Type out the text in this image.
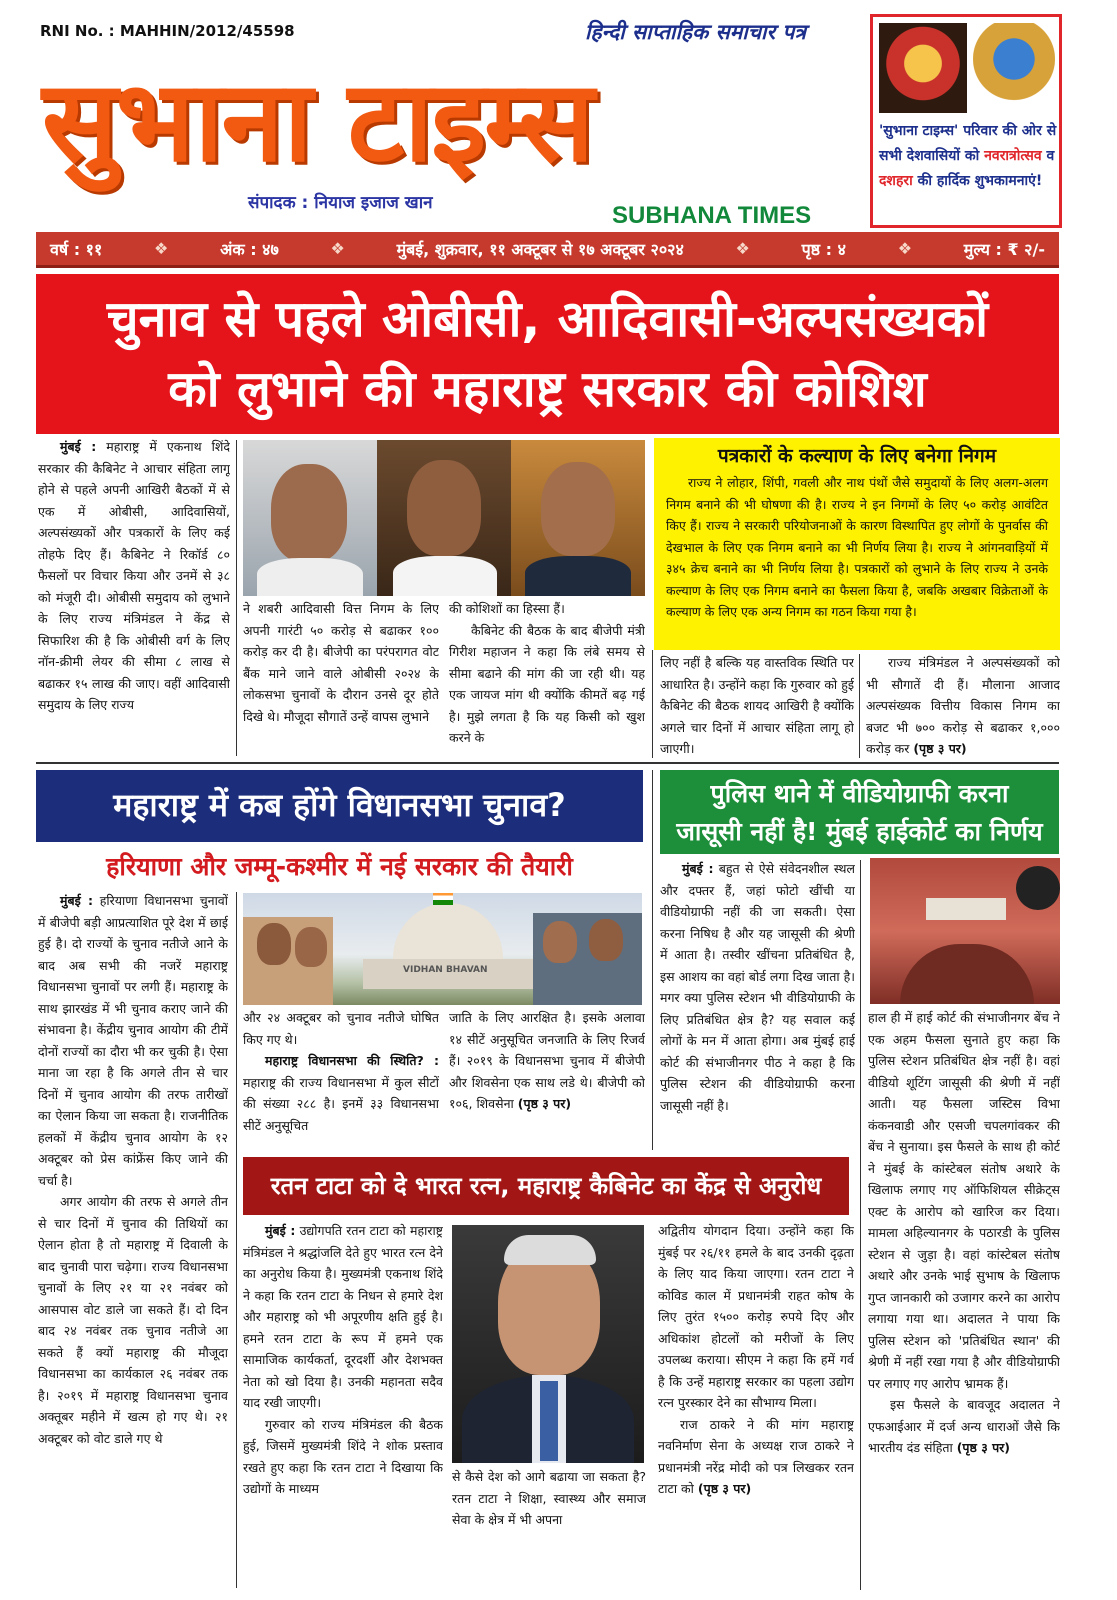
RNI No. : MAHHIN/2012/45598	हिन्दी साप्ताहिक समाचार पत्र
सुभाना टाइम्स
संपादक : नियाज इजाज खान	SUBHANA TIMES
'सुभाना टाइम्स' परिवार की ओर से सभी देशवासियों को नवरात्रोत्सव व दशहरा की हार्दिक शुभकामनाएं!
वर्ष : ११	❖	अंक : ४७	❖	मुंबई, शुक्रवार, ११ अक्टूबर से १७ अक्टूबर २०२४	❖	पृष्ठ : ४	❖	मुल्य : ₹ २/-
चुनाव से पहले ओबीसी, आदिवासी-अल्पसंख्यकों
को लुभाने की महाराष्ट्र सरकार की कोशिश

मुंबई : महाराष्ट्र में एकनाथ शिंदे सरकार की कैबिनेट ने आचार संहिता लागू होने से पहले अपनी आखिरी बैठकों में से एक में ओबीसी, आदिवासियों, अल्पसंख्यकों और पत्रकारों के लिए कई तोहफे दिए हैं। कैबिनेट ने रिकॉर्ड ८० फैसलों पर विचार किया और उनमें से ३८ को मंजूरी दी। ओबीसी समुदाय को लुभाने के लिए राज्य मंत्रिमंडल ने केंद्र से सिफारिश की है कि ओबीसी वर्ग के लिए नॉन-क्रीमी लेयर की सीमा ८ लाख से बढाकर १५ लाख की जाए। वहीं आदिवासी समुदाय के लिए राज्य

ने शबरी आदिवासी वित्त निगम के लिए अपनी गारंटी ५० करोड़ से बढाकर १०० करोड़ कर दी है। बीजेपी का परंपरागत वोट बैंक माने जाने वाले ओबीसी २०२४ के लोकसभा चुनावों के दौरान उनसे दूर होते दिखे थे। मौजूदा सौगातें उन्हें वापस लुभाने
की कोशिशों का हिस्सा हैं।

कैबिनेट की बैठक के बाद बीजेपी मंत्री गिरीश महाजन ने कहा कि लंबे समय से सीमा बढाने की मांग की जा रही थी। यह एक जायज मांग थी क्योंकि कीमतें बढ़ गई है। मुझे लगता है कि यह किसी को खुश करने के

पत्रकारों के कल्याण के लिए बनेगा निगम

राज्य ने लोहार, शिंपी, गवली और नाथ पंथों जैसे समुदायों के लिए अलग-अलग निगम बनाने की भी घोषणा की है। राज्य ने इन निगमों के लिए ५० करोड़ आवंटित किए हैं। राज्य ने सरकारी परियोजनाओं के कारण विस्थापित हुए लोगों के पुनर्वास की देखभाल के लिए एक निगम बनाने का भी निर्णय लिया है। राज्य ने आंगनवाड़ियों में ३४५ क्रेच बनाने का भी निर्णय लिया है। पत्रकारों को लुभाने के लिए राज्य ने उनके कल्याण के लिए एक निगम बनाने का फैसला किया है, जबकि अखबार विक्रेताओं के कल्याण के लिए एक अन्य निगम का गठन किया गया है।

लिए नहीं है बल्कि यह वास्तविक स्थिति पर आधारित है। उन्होंने कहा कि गुरुवार को हुई कैबिनेट की बैठक शायद आखिरी है क्योंकि अगले चार दिनों में आचार संहिता लागू हो जाएगी।

राज्य मंत्रिमंडल ने अल्पसंख्यकों को भी सौगातें दी हैं। मौलाना आजाद अल्पसंख्यक वित्तीय विकास निगम का बजट भी ७०० करोड़ से बढाकर १,००० करोड़ कर (पृष्ठ ३ पर)

महाराष्ट्र में कब होंगे विधानसभा चुनाव?
हरियाणा और जम्मू-कश्मीर में नई सरकार की तैयारी

मुंबई : हरियाणा विधानसभा चुनावों में बीजेपी बड़ी आप्रत्याशित पूरे देश में छाई हुई है। दो राज्यों के चुनाव नतीजे आने के बाद अब सभी की नजरें महाराष्ट्र विधानसभा चुनावों पर लगी हैं। महाराष्ट्र के साथ झारखंड में भी चुनाव कराए जाने की संभावना है। केंद्रीय चुनाव आयोग की टीमें दोनों राज्यों का दौरा भी कर चुकी है। ऐसा माना जा रहा है कि अगले तीन से चार दिनों में चुनाव आयोग की तरफ तारीखों का ऐलान किया जा सकता है। राजनीतिक हलकों में केंद्रीय चुनाव आयोग के १२ अक्टूबर को प्रेस कांफ्रेंस किए जाने की चर्चा है।

अगर आयोग की तरफ से अगले तीन से चार दिनों में चुनाव की तिथियों का ऐलान होता है तो महाराष्ट्र में दिवाली के बाद चुनावी पारा चढ़ेगा। राज्य विधानसभा चुनावों के लिए २१ या २१ नवंबर को आसपास वोट डाले जा सकते हैं। दो दिन बाद २४ नवंबर तक चुनाव नतीजे आ सकते हैं क्यों महाराष्ट्र की मौजूदा विधानसभा का कार्यकाल २६ नवंबर तक है। २०१९ में महाराष्ट्र विधानसभा चुनाव अक्तूबर महीने में खत्म हो गए थे। २१ अक्टूबर को वोट डाले गए थे

VIDHAN BHAVAN
और २४ अक्टूबर को चुनाव नतीजे घोषित किए गए थे।

महाराष्ट्र विधानसभा की स्थिति? : महाराष्ट्र की राज्य विधानसभा में कुल सीटों की संख्या २८८ है। इनमें ३३ विधानसभा सीटें अनुसूचित

जाति के लिए आरक्षित है। इसके अलावा १४ सीटें अनुसूचित जनजाति के लिए रिजर्व हैं। २०१९ के विधानसभा चुनाव में बीजेपी और शिवसेना एक साथ लडे थे। बीजेपी को १०६, शिवसेना (पृष्ठ ३ पर)
पुलिस थाने में वीडियोग्राफी करना
जासूसी नहीं है! मुंबई हाईकोर्ट का निर्णय

मुंबई : बहुत से ऐसे संवेदनशील स्थल और दफ्तर हैं, जहां फोटो खींची या वीडियोग्राफी नहीं की जा सकती। ऐसा करना निषिध है और यह जासूसी की श्रेणी में आता है। तस्वीर खींचना प्रतिबंधित है, इस आशय का वहां बोर्ड लगा दिख जाता है। मगर क्या पुलिस स्टेशन भी वीडियोग्राफी के लिए प्रतिबंधित क्षेत्र है? यह सवाल कई लोगों के मन में आता होगा। अब मुंबई हाई कोर्ट की संभाजीनगर पीठ ने कहा है कि पुलिस स्टेशन की वीडियोग्राफी करना जासूसी नहीं है।

हाल ही में हाई कोर्ट की संभाजीनगर बेंच ने एक अहम फैसला सुनाते हुए कहा कि पुलिस स्टेशन प्रतिबंधित क्षेत्र नहीं है। वहां वीडियो शूटिंग जासूसी की श्रेणी में नहीं आती। यह फैसला जस्टिस विभा कंकनवाडी और एसजी चपलगांवकर की बेंच ने सुनाया। इस फैसले के साथ ही कोर्ट ने मुंबई के कांस्टेबल संतोष अथारे के खिलाफ लगाए गए ऑफिशियल सीक्रेट्स एक्ट के आरोप को खारिज कर दिया। मामला अहिल्यानगर के पठारडी के पुलिस स्टेशन से जुड़ा है। वहां कांस्टेबल संतोष अथारे और उनके भाई सुभाष के खिलाफ गुप्त जानकारी को उजागर करने का आरोप लगाया गया था। अदालत ने पाया कि पुलिस स्टेशन को 'प्रतिबंधित स्थान' की श्रेणी में नहीं रखा गया है और वीडियोग्राफी पर लगाए गए आरोप भ्रामक हैं।

इस फैसले के बावजूद अदालत ने एफआईआर में दर्ज अन्य धाराओं जैसे कि भारतीय दंड संहिता (पृष्ठ ३ पर)

रतन टाटा को दे भारत रत्न, महाराष्ट्र कैबिनेट का केंद्र से अनुरोध

मुंबई : उद्योगपति रतन टाटा को महाराष्ट्र मंत्रिमंडल ने श्रद्धांजलि देते हुए भारत रत्न देने का अनुरोध किया है। मुख्यमंत्री एकनाथ शिंदे ने कहा कि रतन टाटा के निधन से हमारे देश और महाराष्ट्र को भी अपूरणीय क्षति हुई है। हमने रतन टाटा के रूप में हमने एक सामाजिक कार्यकर्ता, दूरदर्शी और देशभक्त नेता को खो दिया है। उनकी महानता सदैव याद रखी जाएगी।

गुरुवार को राज्य मंत्रिमंडल की बैठक हुई, जिसमें मुख्यमंत्री शिंदे ने शोक प्रस्ताव रखते हुए कहा कि रतन टाटा ने दिखाया कि उद्योगों के माध्यम

से कैसे देश को आगे बढाया जा सकता है? रतन टाटा ने शिक्षा, स्वास्थ्य और समाज सेवा के क्षेत्र में भी अपना
अद्वितीय योगदान दिया। उन्होंने कहा कि मुंबई पर २६/११ हमले के बाद उनकी दृढ़ता के लिए याद किया जाएगा। रतन टाटा ने कोविड काल में प्रधानमंत्री राहत कोष के लिए तुरंत १५०० करोड़ रुपये दिए और अधिकांश होटलों को मरीजों के लिए उपलब्ध कराया। सीएम ने कहा कि हमें गर्व है कि उन्हें महाराष्ट्र सरकार का पहला उद्योग रत्न पुरस्कार देने का सौभाग्य मिला।

राज ठाकरे ने की मांग महाराष्ट्र नवनिर्माण सेना के अध्यक्ष राज ठाकरे ने प्रधानमंत्री नरेंद्र मोदी को पत्र लिखकर रतन टाटा को (पृष्ठ ३ पर)
